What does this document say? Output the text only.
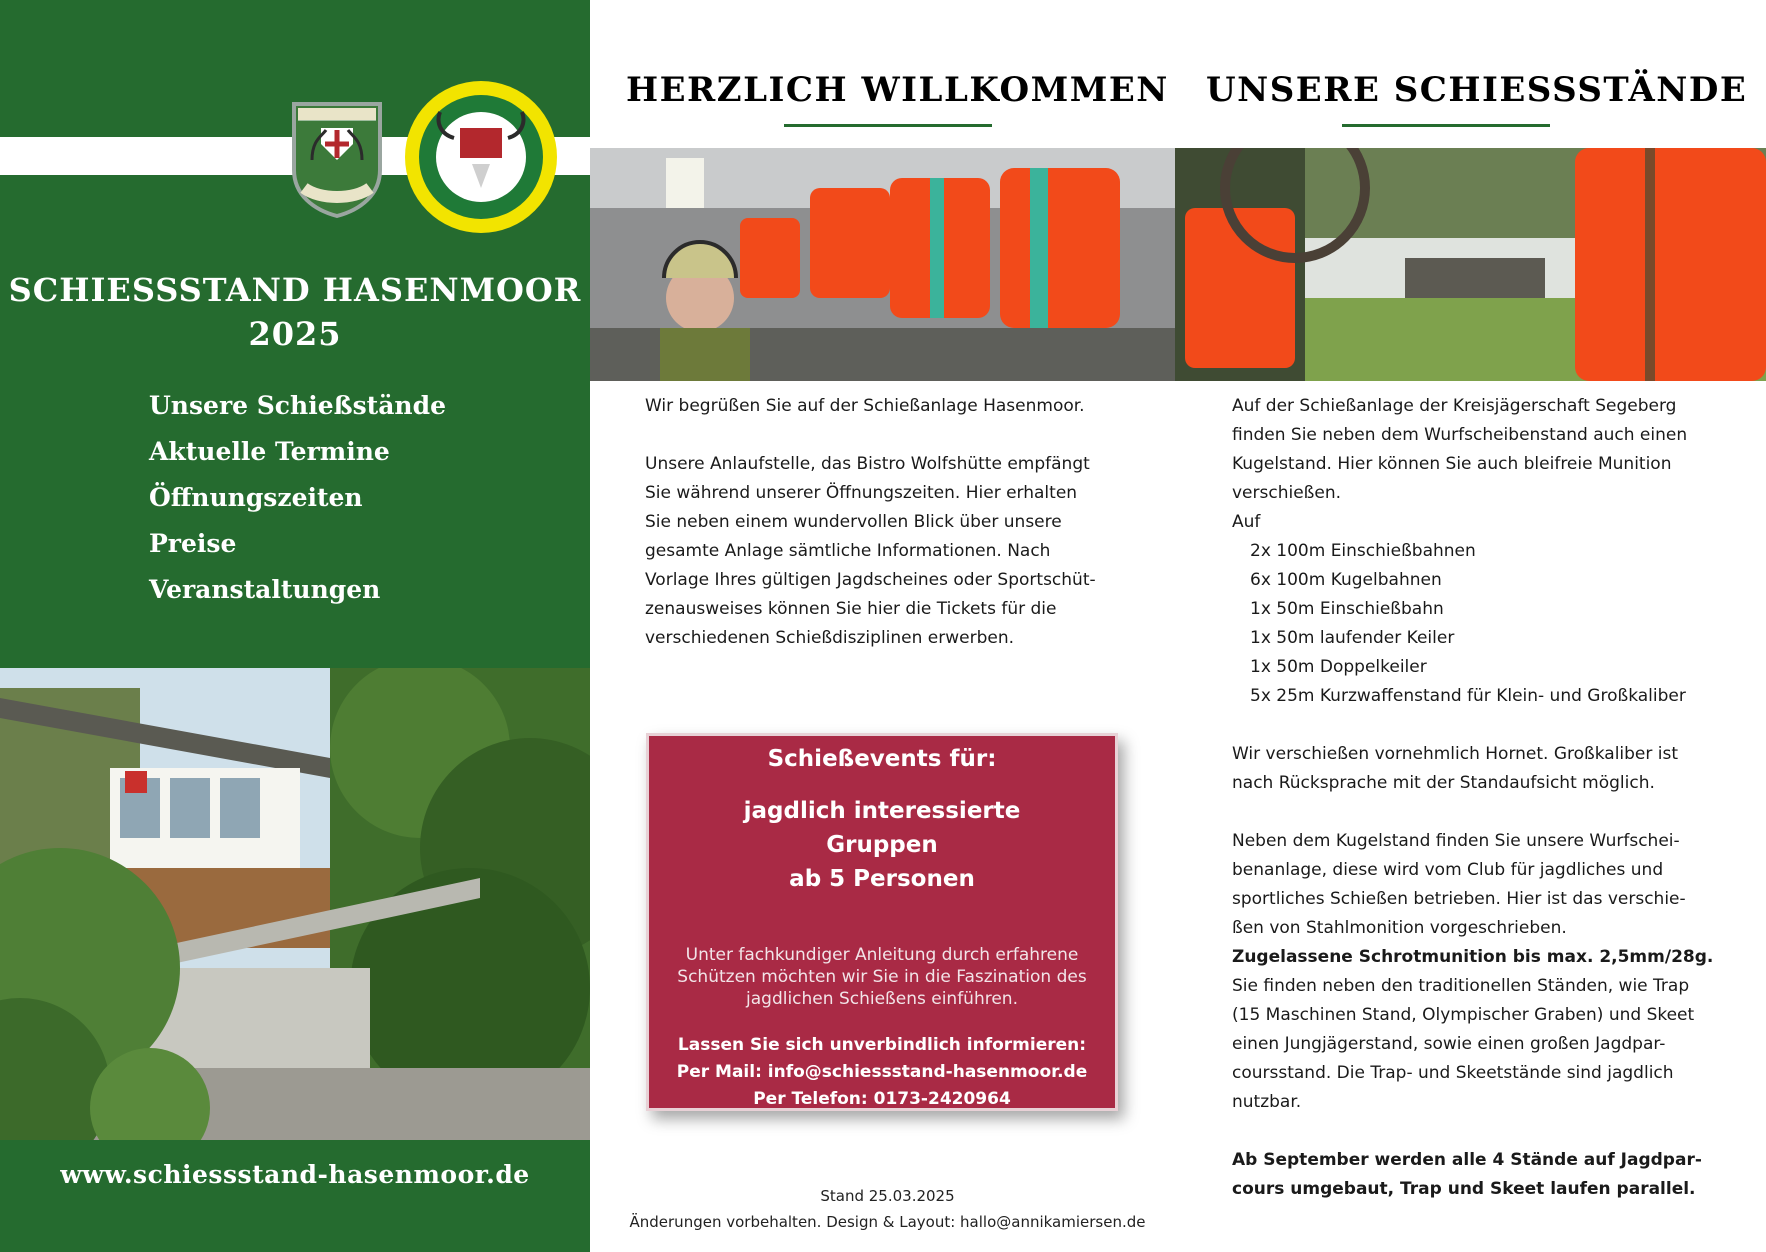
SCHIESSSTAND HASENMOOR
2025
Unsere Schießstände
Aktuelle Termine
Öffnungszeiten
Preise
Veranstaltungen
www.schiessstand-hasenmoor.de
HERZLICH WILLKOMMEN UNSERE SCHIESSSTÄNDE

Wir begrüßen Sie auf der Schießanlage Hasenmoor.

Unsere Anlaufstelle, das Bistro Wolfshütte empfängt

Sie während unserer Öffnungszeiten. Hier erhalten

Sie neben einem wundervollen Blick über unsere

gesamte Anlage sämtliche Informationen. Nach

Vorlage Ihres gültigen Jagdscheines oder Sportschüt-

zenausweises können Sie hier die Tickets für die

verschiedenen Schießdisziplinen erwerben.

Schießevents für:
jagdlich interessierte
Gruppen
ab 5 Personen
Unter fachkundiger Anleitung durch erfahrene
Schützen möchten wir Sie in die Faszination des
jagdlichen Schießens einführen.
Lassen Sie sich unverbindlich informieren:
Per Mail: info@schiessstand-hasenmoor.de
Per Telefon: 0173-2420964
Stand 25.03.2025
Änderungen vorbehalten. Design & Layout: hallo@annikamiersen.de

Auf der Schießanlage der Kreisjägerschaft Segeberg

finden Sie neben dem Wurfscheibenstand auch einen

Kugelstand. Hier können Sie auch bleifreie Munition

verschießen.

Auf

2x 100m Einschießbahnen

6x 100m Kugelbahnen

1x 50m Einschießbahn

1x 50m laufender Keiler

1x 50m Doppelkeiler

5x 25m Kurzwaffenstand für Klein- und Großkaliber

Wir verschießen vornehmlich Hornet. Großkaliber ist

nach Rücksprache mit der Standaufsicht möglich.

Neben dem Kugelstand finden Sie unsere Wurfschei-

benanlage, diese wird vom Club für jagdliches und

sportliches Schießen betrieben. Hier ist das verschie-

ßen von Stahlmonition vorgeschrieben.

Zugelassene Schrotmunition bis max. 2,5mm/28g.

Sie finden neben den traditionellen Ständen, wie Trap

(15 Maschinen Stand, Olympischer Graben) und Skeet

einen Jungjägerstand, sowie einen großen Jagdpar-

coursstand. Die Trap- und Skeetstände sind jagdlich

nutzbar.

Ab September werden alle 4 Stände auf Jagdpar-

cours umgebaut, Trap und Skeet laufen parallel.
